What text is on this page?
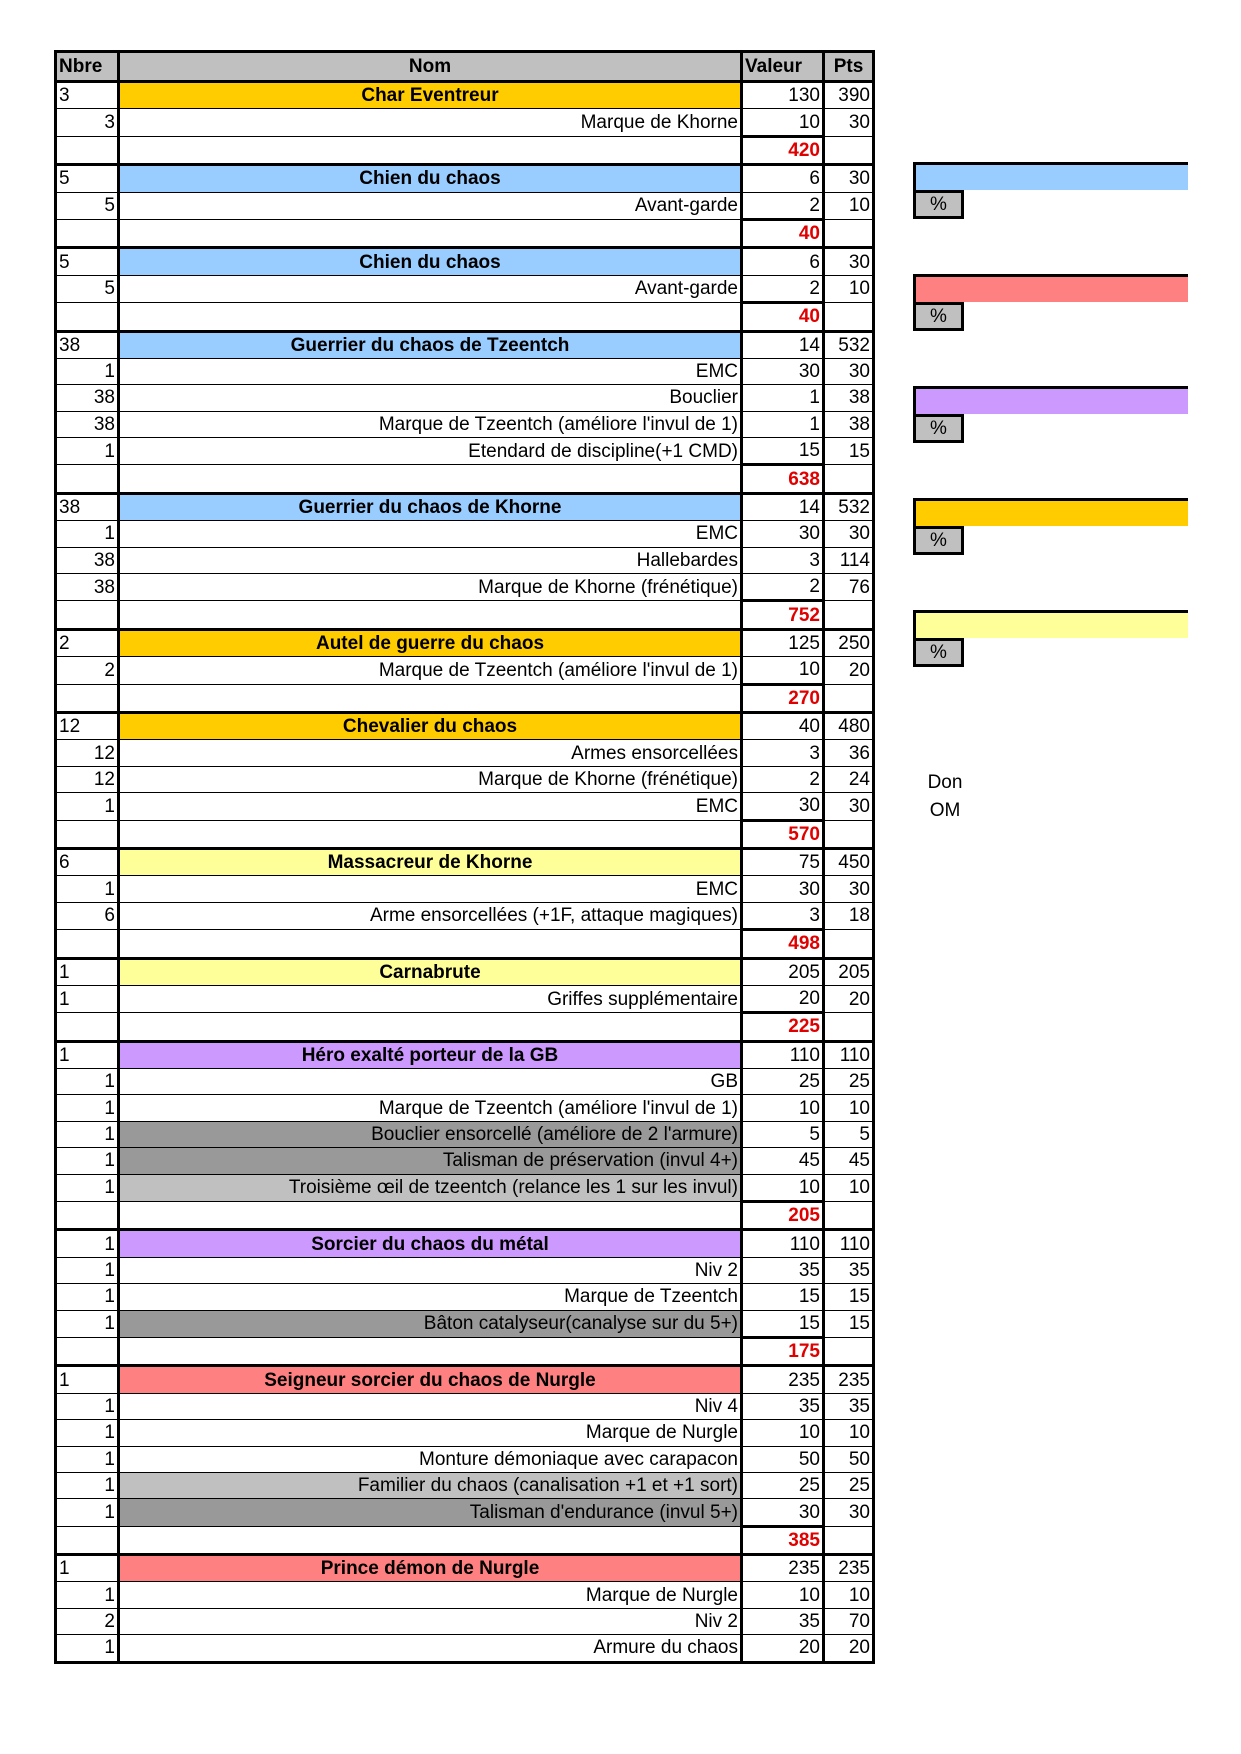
Nbre	Nom	Valeur	Pts
3	Char Eventreur	130	390
3	Marque de Khorne	10	30
		420	
5	Chien du chaos	6	30
5	Avant-garde	2	10
		40	
5	Chien du chaos	6	30
5	Avant-garde	2	10
		40	
38	Guerrier du chaos de Tzeentch	14	532
1	EMC	30	30
38	Bouclier	1	38
38	Marque de Tzeentch (améliore l'invul de 1)	1	38
1	Etendard de discipline(+1 CMD)	15	15
		638	
38	Guerrier du chaos de Khorne	14	532
1	EMC	30	30
38	Hallebardes	3	114
38	Marque de Khorne (frénétique)	2	76
		752	
2	Autel de guerre du chaos	125	250
2	Marque de Tzeentch (améliore l'invul de 1)	10	20
		270	
12	Chevalier du chaos	40	480
12	Armes ensorcellées	3	36
12	Marque de Khorne (frénétique)	2	24
1	EMC	30	30
		570	
6	Massacreur de Khorne	75	450
1	EMC	30	30
6	Arme ensorcellées (+1F, attaque magiques)	3	18
		498	
1	Carnabrute	205	205
1	Griffes supplémentaire	20	20
		225	
1	Héro exalté porteur de la GB	110	110
1	GB	25	25
1	Marque de Tzeentch (améliore l'invul de 1)	10	10
1	Bouclier ensorcellé (améliore de 2 l'armure)	5	5
1	Talisman de préservation (invul 4+)	45	45
1	Troisième œil de tzeentch (relance les 1 sur les invul)	10	10
		205	
1	Sorcier du chaos du métal	110	110
1	Niv 2	35	35
1	Marque de Tzeentch	15	15
1	Bâton catalyseur(canalyse sur du 5+)	15	15
		175	
1	Seigneur sorcier du chaos de Nurgle	235	235
1	Niv 4	35	35
1	Marque de Nurgle	10	10
1	Monture démoniaque avec carapacon	50	50
1	Familier du chaos (canalisation +1 et +1 sort)	25	25
1	Talisman d'endurance (invul 5+)	30	30
		385	
1	Prince démon de Nurgle	235	235
1	Marque de Nurgle	10	10
2	Niv 2	35	70
1	Armure du chaos	20	20
%
%
%
%
%
Don
OM
